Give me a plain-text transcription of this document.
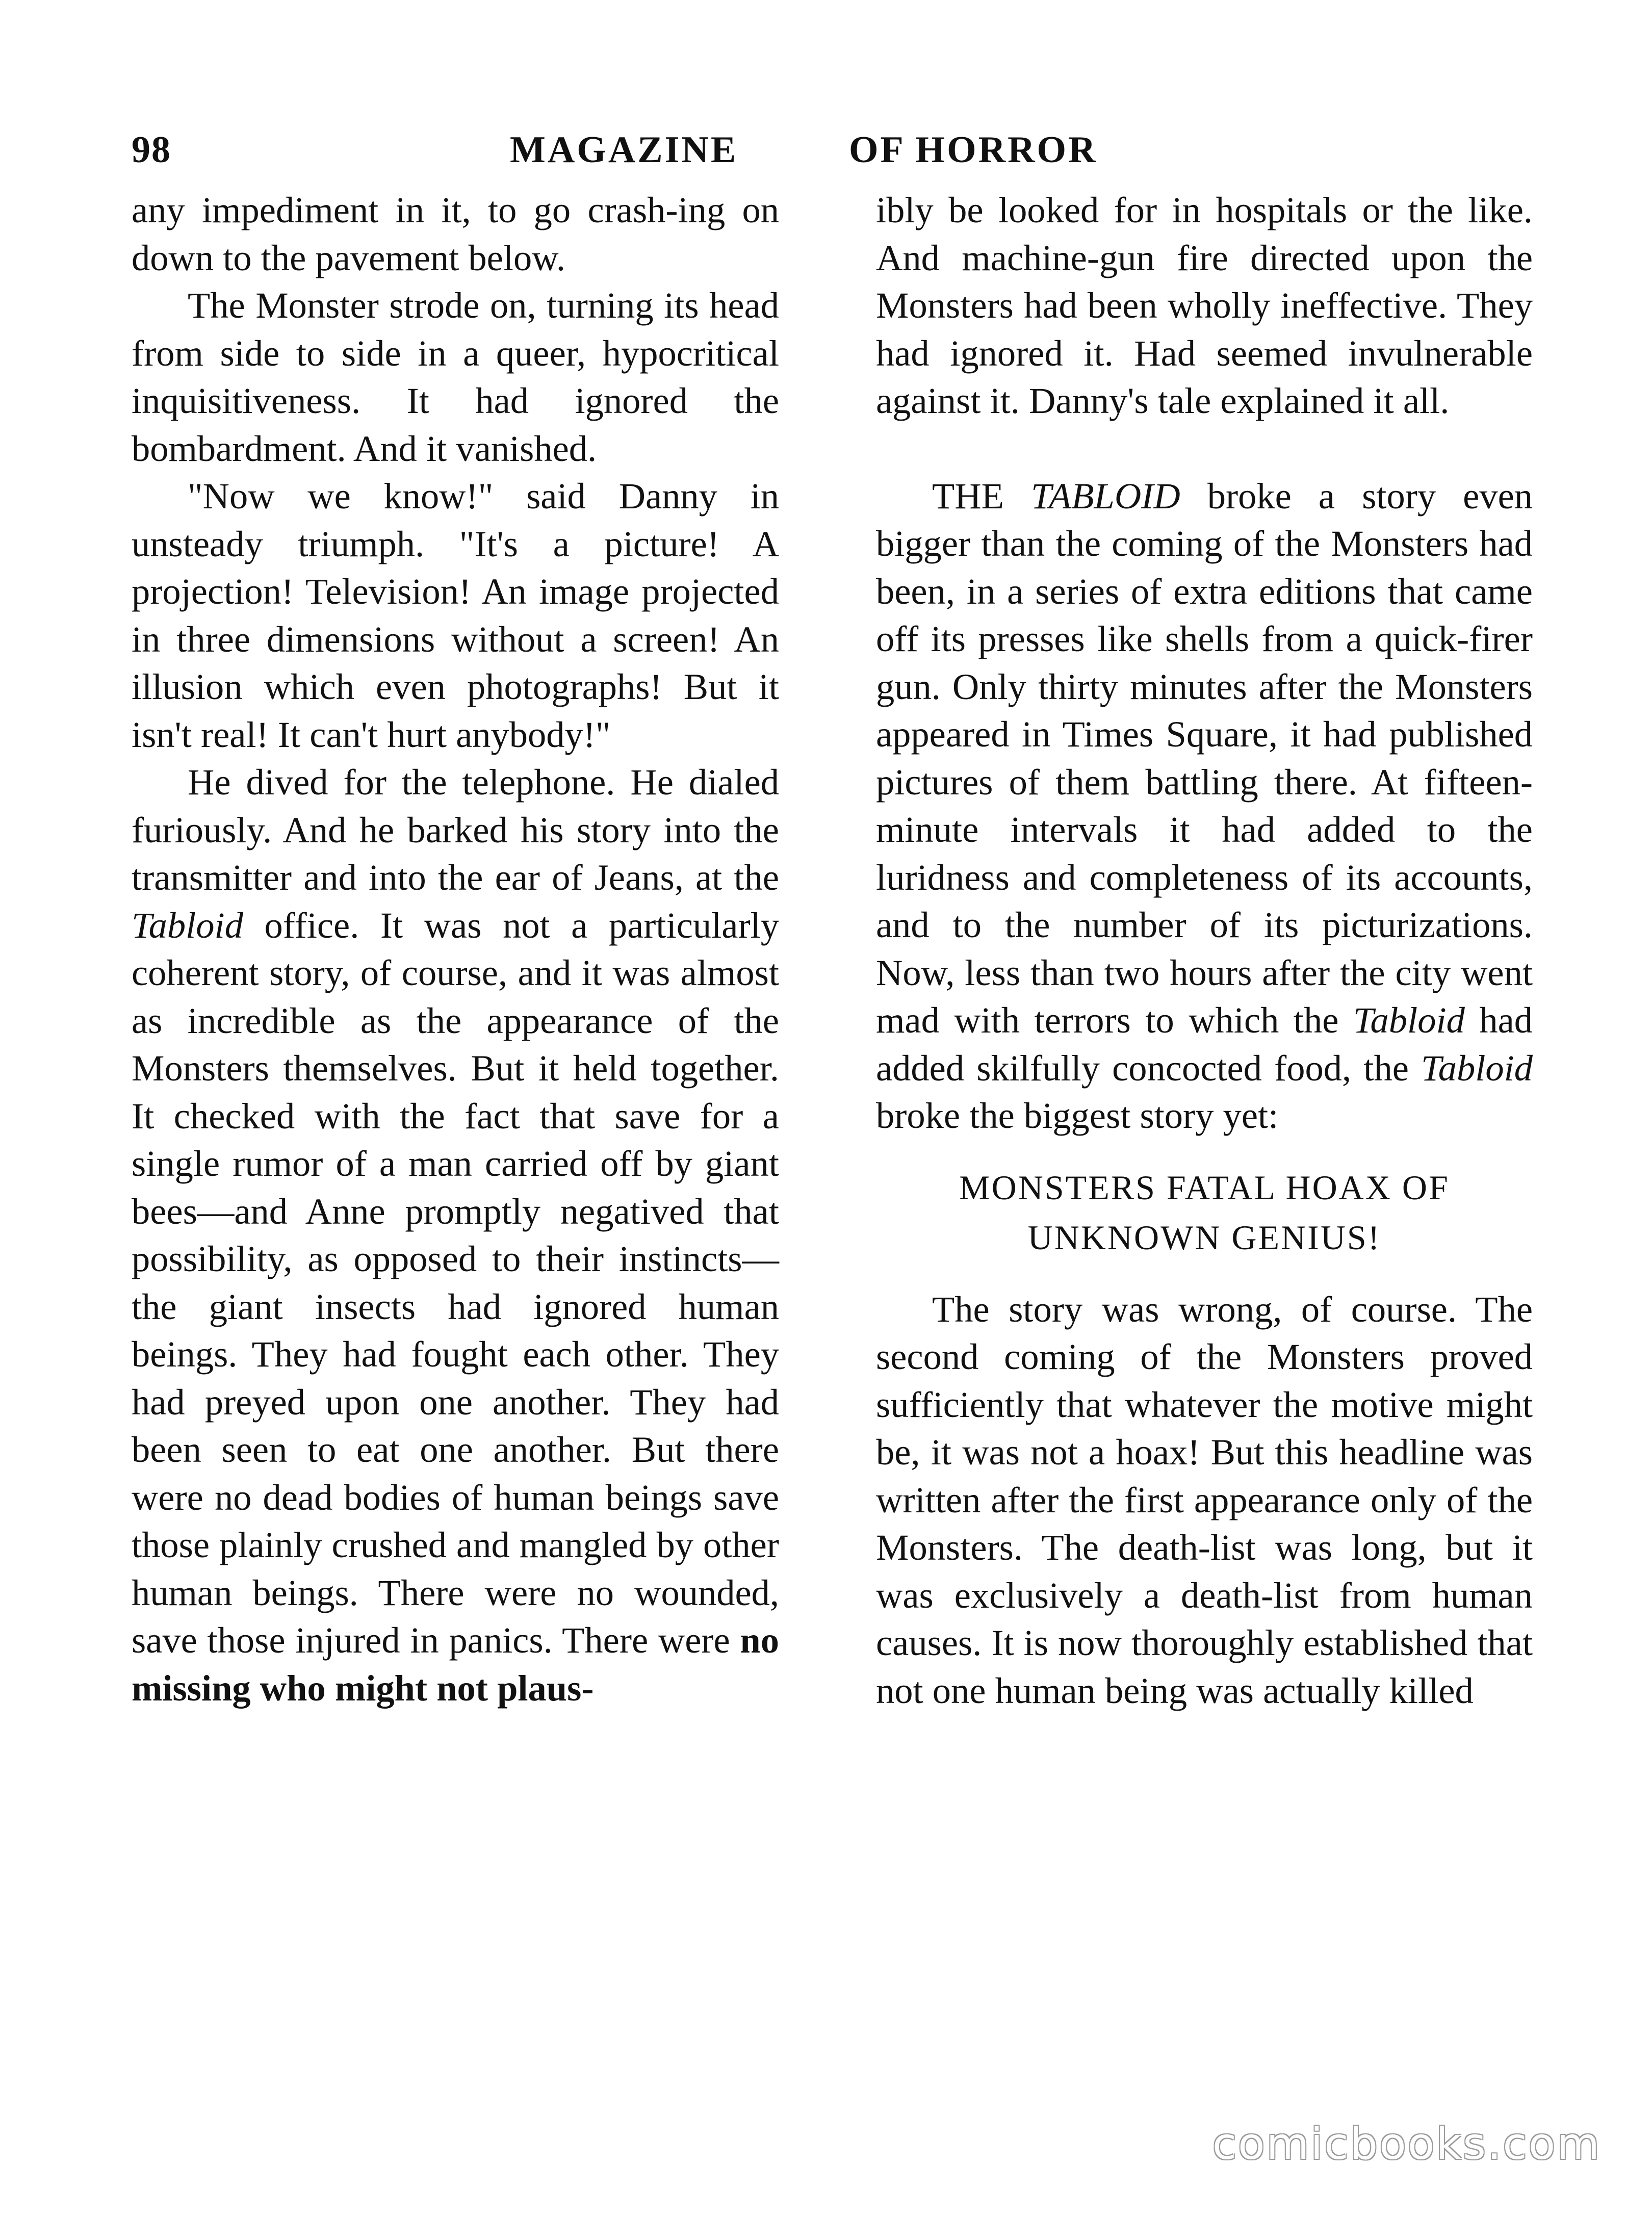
98	MAGAZINE	OF HORROR

any impediment in it, to go crash-ing on down to the pavement below.

The Monster strode on, turning its head from side to side in a queer, hypocritical inquisitiveness. It had ignored the bombardment. And it vanished.

"Now we know!" said Danny in unsteady triumph. "It's a picture! A projection! Television! An image projected in three dimensions without a screen! An illusion which even photographs! But it isn't real! It can't hurt anybody!"

He dived for the telephone. He dialed furiously. And he barked his story into the transmitter and into the ear of Jeans, at the Tabloid office. It was not a particularly coherent story, of course, and it was almost as incredible as the appearance of the Monsters themselves. But it held together. It checked with the fact that save for a single rumor of a man carried off by giant bees—and Anne promptly negatived that possibility, as opposed to their instincts—the giant insects had ignored human beings. They had fought each other. They had preyed upon one another. They had been seen to eat one another. But there were no dead bodies of human beings save those plainly crushed and mangled by other human beings. There were no wounded, save those injured in panics. There were no missing who might not plaus-

ibly be looked for in hospitals or the like. And machine-gun fire directed upon the Monsters had been wholly ineffective. They had ignored it. Had seemed invulnerable against it. Danny's tale explained it all.

THE TABLOID broke a story even bigger than the coming of the Monsters had been, in a series of extra editions that came off its presses like shells from a quick-firer gun. Only thirty minutes after the Monsters appeared in Times Square, it had published pictures of them battling there. At fifteen-minute intervals it had added to the luridness and completeness of its accounts, and to the number of its picturizations. Now, less than two hours after the city went mad with terrors to which the Tabloid had added skilfully concocted food, the Tabloid broke the biggest story yet:

MONSTERS FATAL HOAX OF
UNKNOWN GENIUS!

The story was wrong, of course. The second coming of the Monsters proved sufficiently that whatever the motive might be, it was not a hoax! But this headline was written after the first appearance only of the Monsters. The death-list was long, but it was exclusively a death-list from human causes. It is now thoroughly established that not one human being was actually killed

comicbooks.com
